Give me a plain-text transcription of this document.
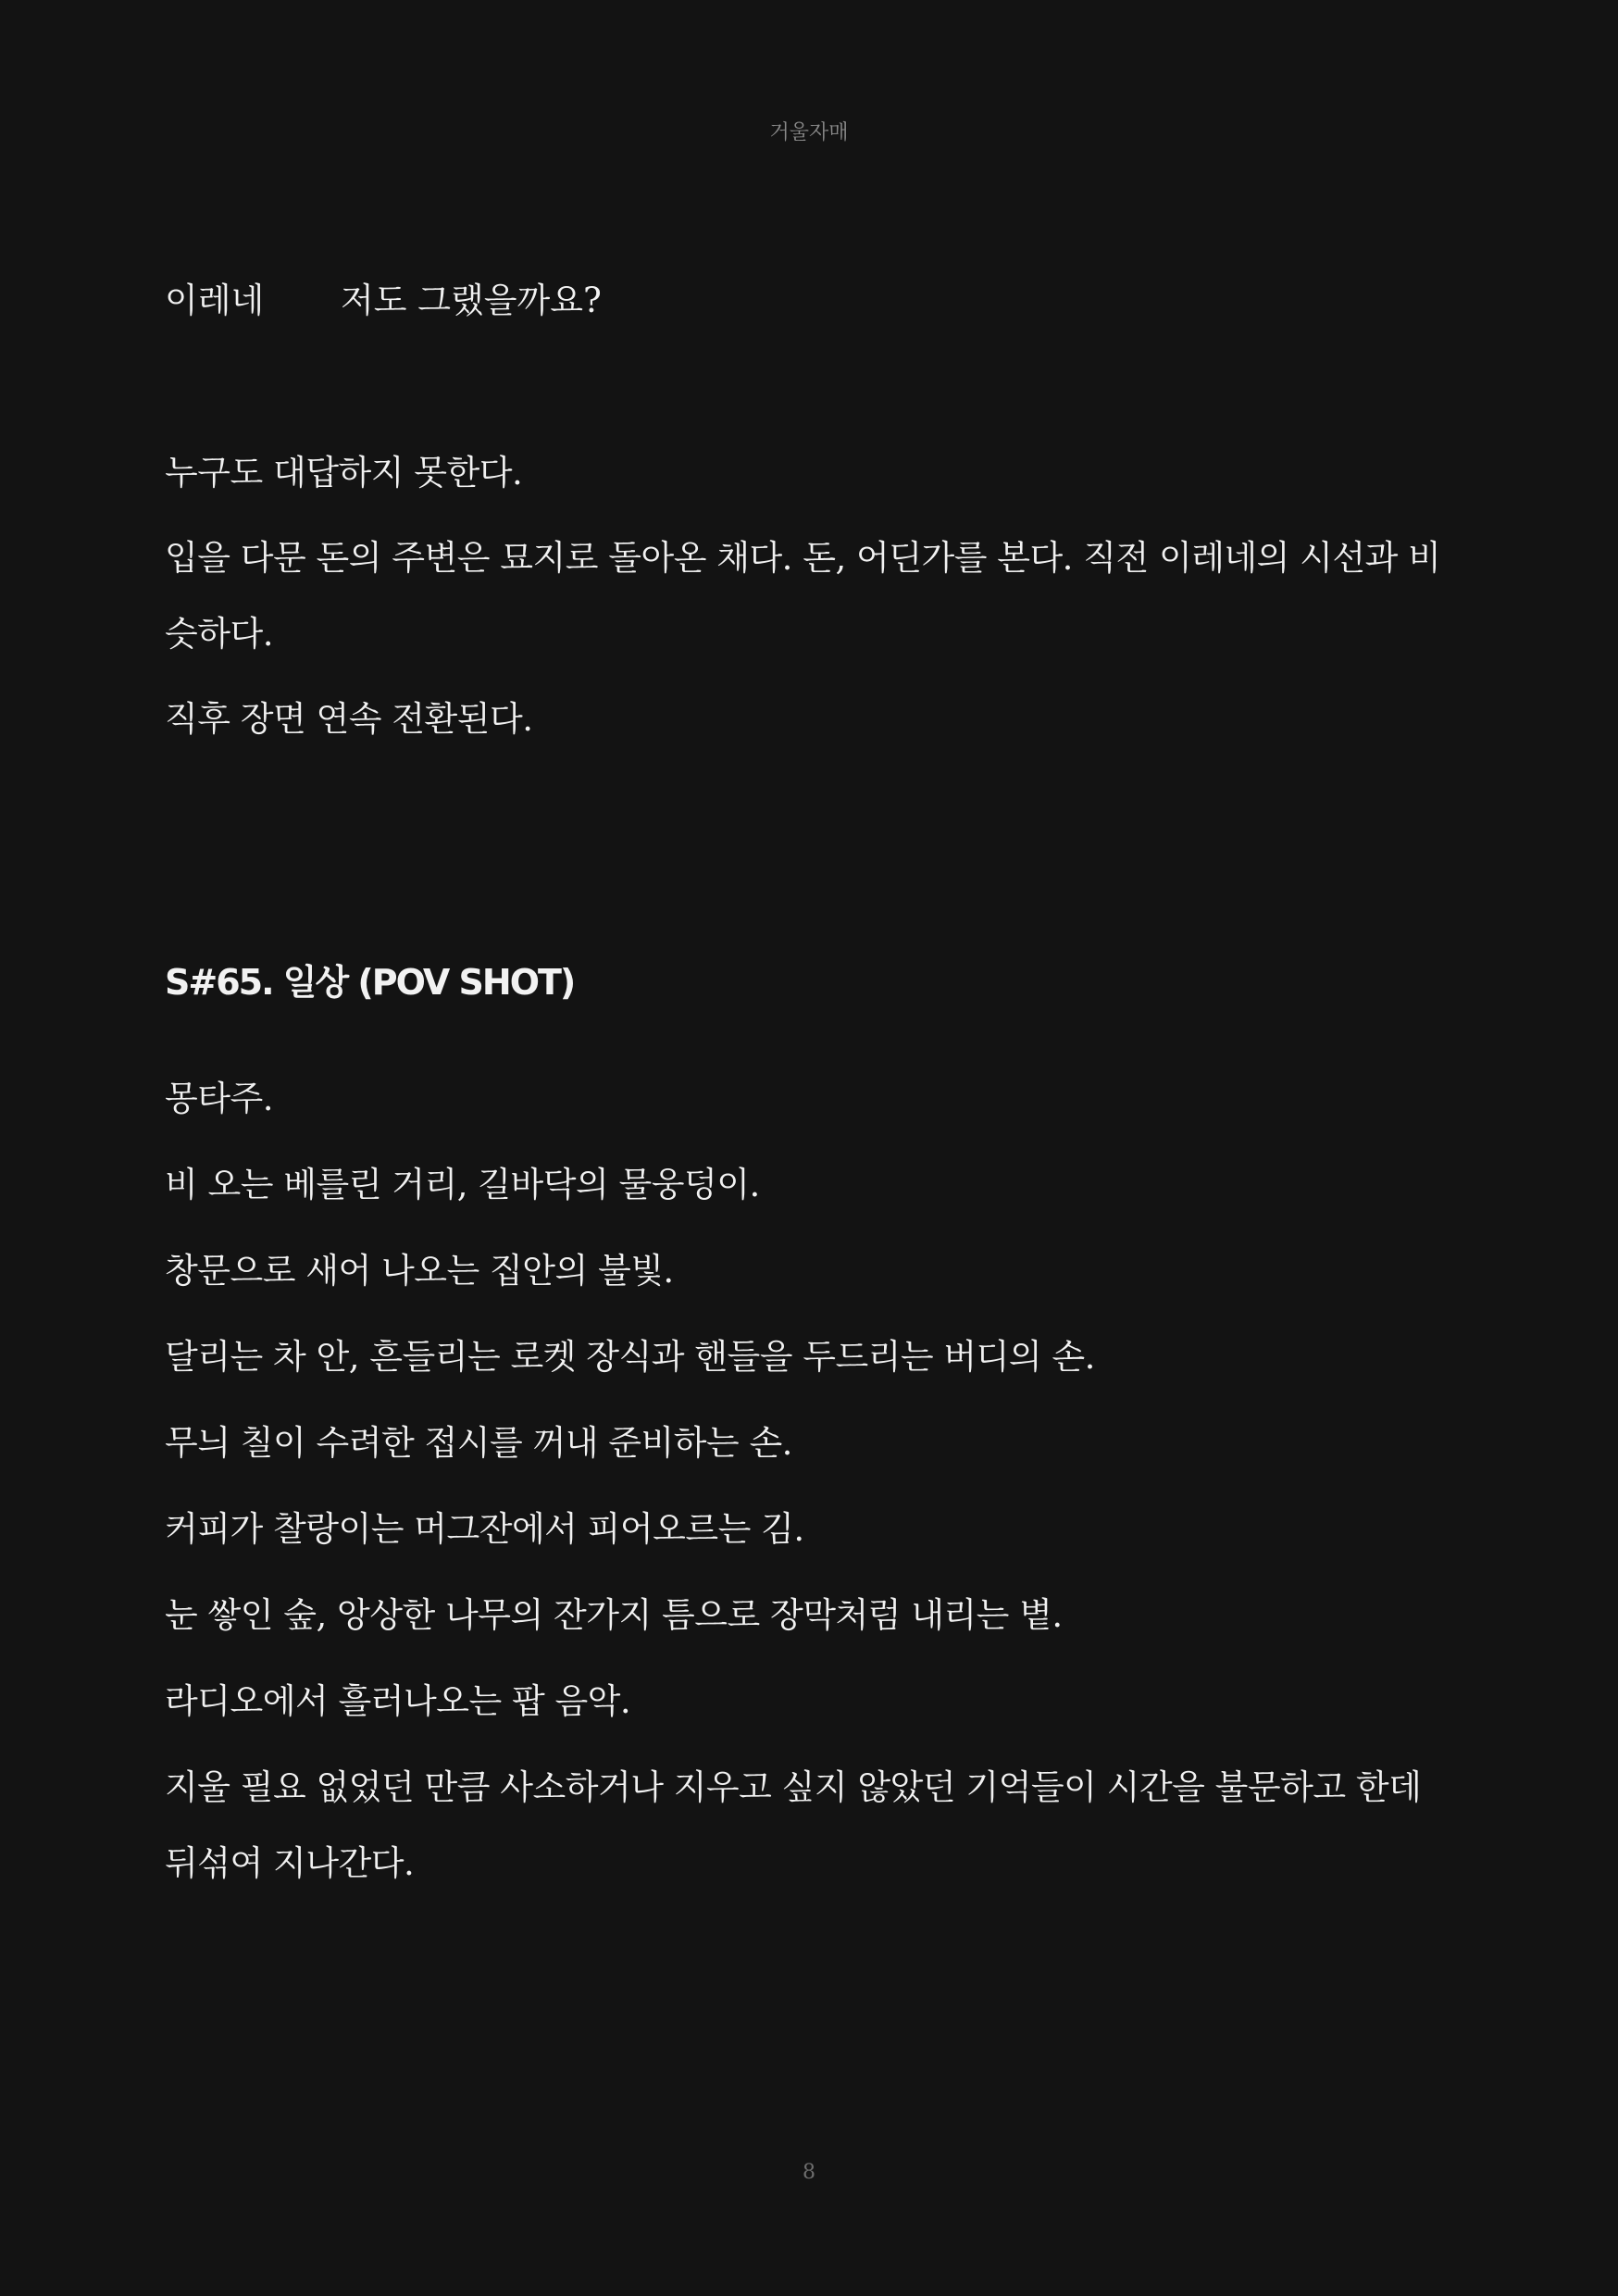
거울자매
이레네 저도 그랬을까요?

누구도 대답하지 못한다.

입을 다문 돈의 주변은 묘지로 돌아온 채다. 돈, 어딘가를 본다. 직전 이레네의 시선과 비슷하다.

직후 장면 연속 전환된다.

S#65. 일상 (POV SHOT)

몽타주.

비 오는 베를린 거리, 길바닥의 물웅덩이.

창문으로 새어 나오는 집안의 불빛.

달리는 차 안, 흔들리는 로켓 장식과 핸들을 두드리는 버디의 손.

무늬 칠이 수려한 접시를 꺼내 준비하는 손.

커피가 찰랑이는 머그잔에서 피어오르는 김.

눈 쌓인 숲, 앙상한 나무의 잔가지 틈으로 장막처럼 내리는 볕.

라디오에서 흘러나오는 팝 음악.

지울 필요 없었던 만큼 사소하거나 지우고 싶지 않았던 기억들이 시간을 불문하고 한데 뒤섞여 지나간다.

8
